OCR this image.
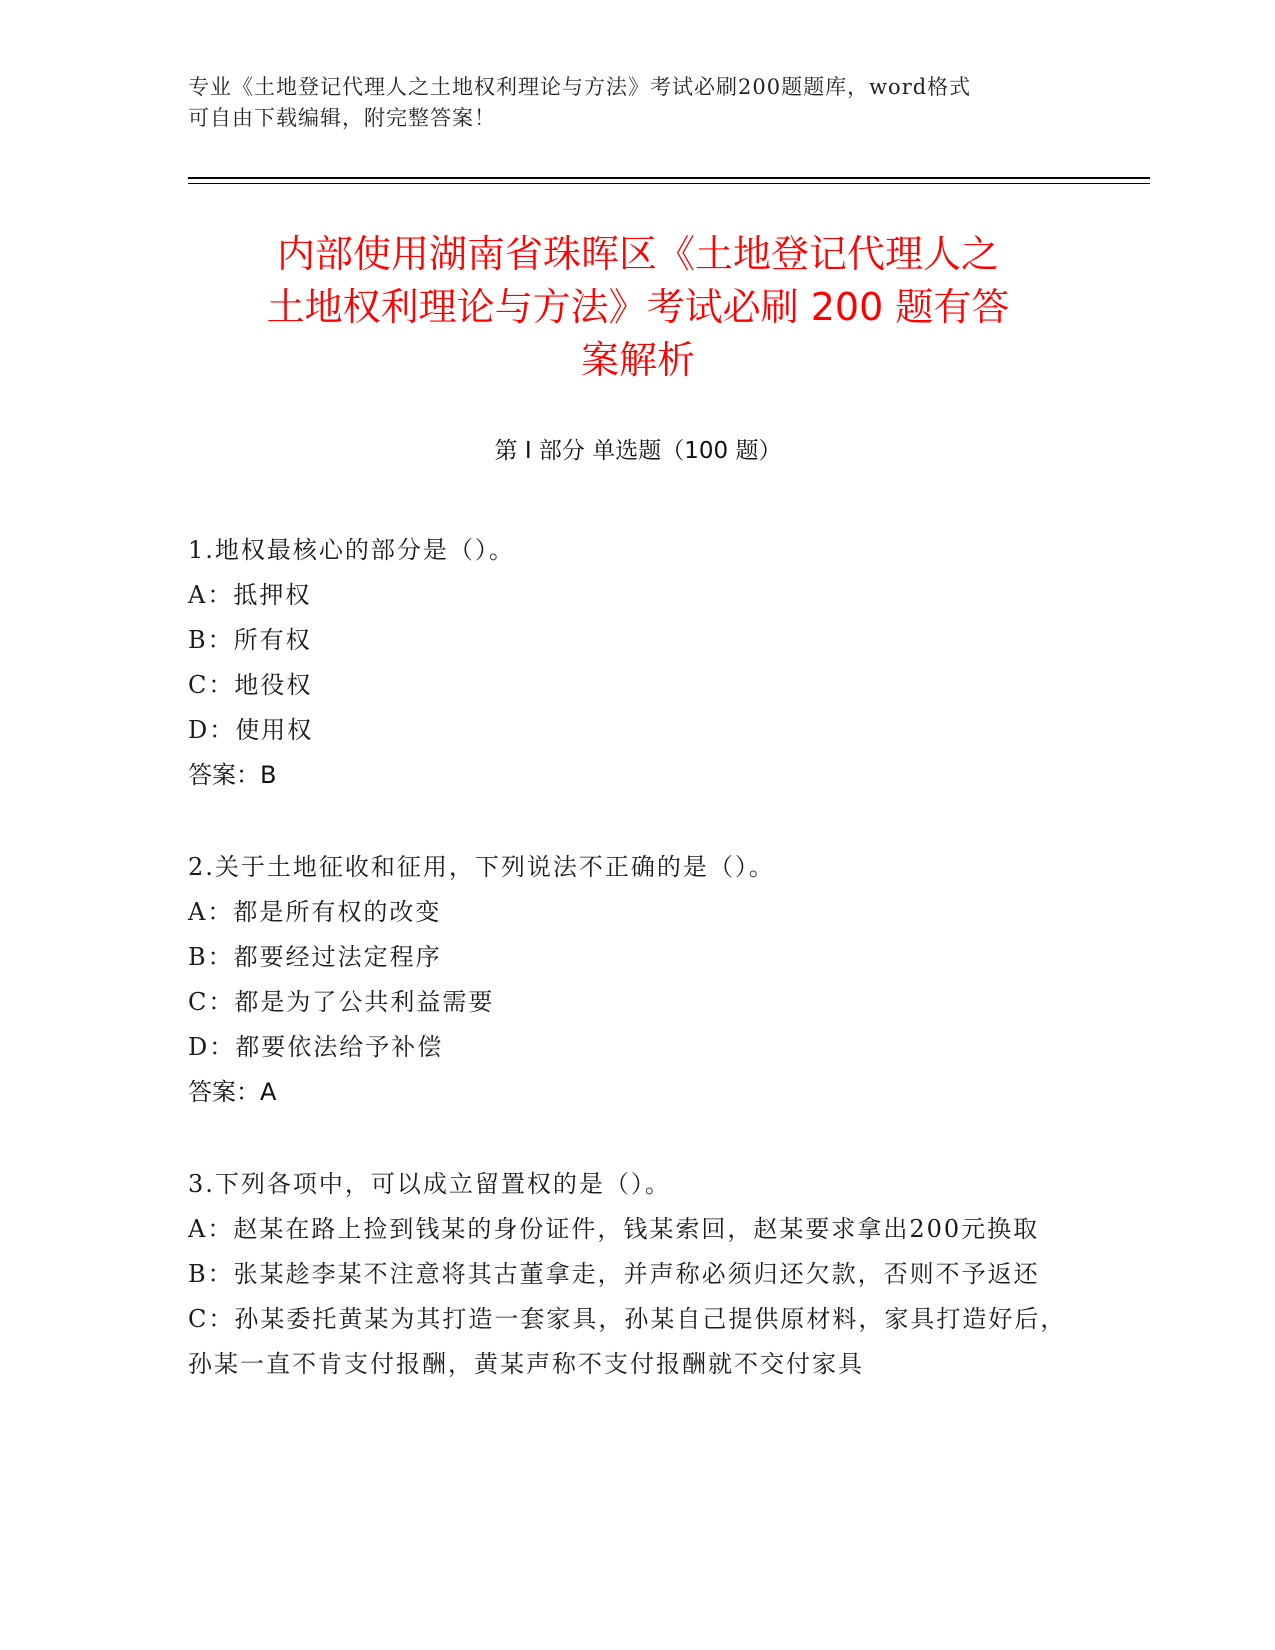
专业《土地登记代理人之土地权利理论与方法》考试必刷200题题库，word格式
可自由下载编辑，附完整答案！
内部使用湖南省珠晖区《土地登记代理人之
土地权利理论与方法》考试必刷 200 题有答
案解析
第 I 部分 单选题（100 题）
1.地权最核心的部分是（）。
A：抵押权
B：所有权
C：地役权
D：使用权
答案：B
2.关于土地征收和征用，下列说法不正确的是（）。
A：都是所有权的改变
B：都要经过法定程序
C：都是为了公共利益需要
D：都要依法给予补偿
答案：A
3.下列各项中，可以成立留置权的是（）。
A：赵某在路上捡到钱某的身份证件，钱某索回，赵某要求拿出200元换取
B：张某趁李某不注意将其古董拿走，并声称必须归还欠款，否则不予返还
C：孙某委托黄某为其打造一套家具，孙某自己提供原材料，家具打造好后，孙某一直不肯支付报酬，黄某声称不支付报酬就不交付家具
